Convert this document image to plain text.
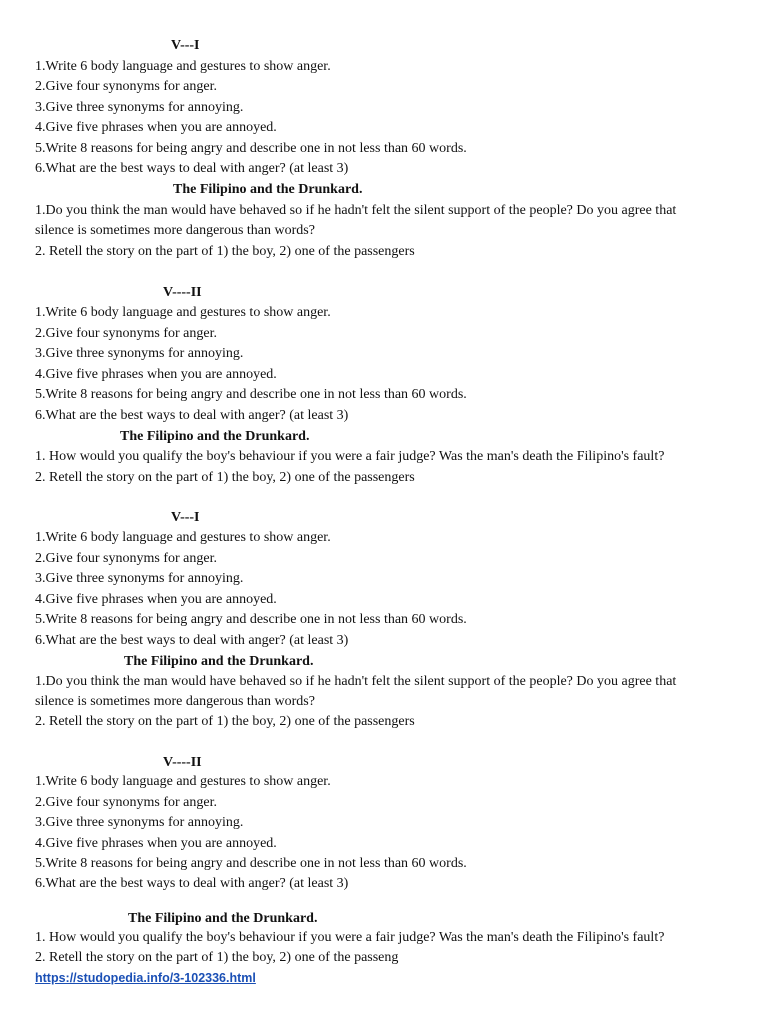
V---I
1.Write 6 body language and gestures to show anger.
2.Give four synonyms for anger.
3.Give three synonyms for annoying.
4.Give five phrases when you are annoyed.
5.Write 8 reasons for being angry and describe one in not less than 60 words.
6.What are the best ways to deal with anger? (at least 3)
The Filipino and the Drunkard.
1.Do you think the man would have behaved so if he hadn't felt the silent support of the people? Do you agree that
silence is sometimes more dangerous than words?
2. Retell the story on the part of 1) the boy, 2) one of the passengers
V----II
1.Write 6 body language and gestures to show anger.
2.Give four synonyms for anger.
3.Give three synonyms for annoying.
4.Give five phrases when you are annoyed.
5.Write 8 reasons for being angry and describe one in not less than 60 words.
6.What are the best ways to deal with anger? (at least 3)
The Filipino and the Drunkard.
1. How would you qualify the boy's behaviour if you were a fair judge? Was the man's death the Filipino's fault?
2. Retell the story on the part of 1) the boy, 2) one of the passengers
V---I
1.Write 6 body language and gestures to show anger.
2.Give four synonyms for anger.
3.Give three synonyms for annoying.
4.Give five phrases when you are annoyed.
5.Write 8 reasons for being angry and describe one in not less than 60 words.
6.What are the best ways to deal with anger? (at least 3)
The Filipino and the Drunkard.
1.Do you think the man would have behaved so if he hadn't felt the silent support of the people? Do you agree that
silence is sometimes more dangerous than words?
2. Retell the story on the part of 1) the boy, 2) one of the passengers
V----II
1.Write 6 body language and gestures to show anger.
2.Give four synonyms for anger.
3.Give three synonyms for annoying.
4.Give five phrases when you are annoyed.
5.Write 8 reasons for being angry and describe one in not less than 60 words.
6.What are the best ways to deal with anger? (at least 3)
The Filipino and the Drunkard.
1. How would you qualify the boy's behaviour if you were a fair judge? Was the man's death the Filipino's fault?
2. Retell the story on the part of 1) the boy, 2) one of the passeng
https://studopedia.info/3-102336.html
